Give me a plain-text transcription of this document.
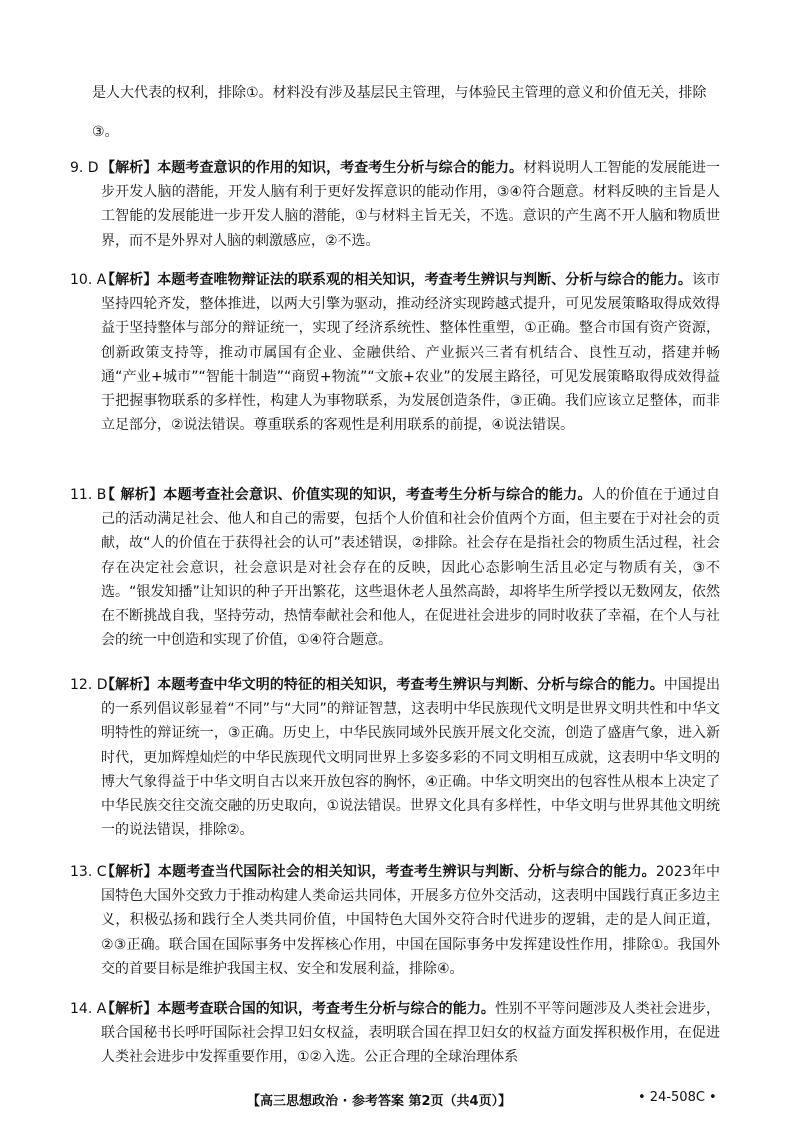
是人大代表的权利，排除①。材料没有涉及基层民主管理，与体验民主管理的意义和价值无关，排除③。

9. D 【解析】本题考查意识的作用的知识，考查考生分析与综合的能力。材料说明人工智能的发展能进一步开发人脑的潜能，开发人脑有利于更好发挥意识的能动作用，③④符合题意。材料反映的主旨是人工智能的发展能进一步开发人脑的潜能，①与材料主旨无关，不选。意识的产生离不开人脑和物质世界，而不是外界对人脑的刺激感应，②不选。
10. A
【解析】本题考查唯物辩证法的联系观的相关知识，考查考生辨识与判断、分析与综合的能力。该市坚持四轮齐发，整体推进，以两大引擎为驱动，推动经济实现跨越式提升，可见发展策略取得成效得益于坚持整体与部分的辩证统一，实现了经济系统性、整体性重塑，①正确。整合市国有资产资源，创新政策支持等，推动市属国有企业、金融供给、产业振兴三者有机结合、良性互动，搭建并畅通“产业+城市”“智能十制造”“商贸+物流”“文旅+农业”的发展主路径，可见发展策略取得成效得益于把握事物联系的多样性，构建人为事物联系，为发展创造条件，③正确。我们应该立足整体，而非立足部分，②说法错误。尊重联系的客观性是利用联系的前提，④说法错误。
11. B
【 解析】本题考查社会意识、价值实现的知识，考查考生分析与综合的能力。人的价值在于通过自己的活动满足社会、他人和自己的需要，包括个人价值和社会价值两个方面，但主要在于对社会的贡献，故“人的价值在于获得社会的认可”表述错误，②排除。社会存在是指社会的物质生活过程，社会存在决定社会意识，社会意识是对社会存在的反映，因此心态影响生活且必定与物质有关，③不选。“银发知播”让知识的种子开出繁花，这些退休老人虽然高龄，却将毕生所学授以无数网友，依然在不断挑战自我，坚持劳动，热情奉献社会和他人，在促进社会进步的同时收获了幸福，在个人与社会的统一中创造和实现了价值，①④符合题意。
12. D
【解析】本题考查中华文明的特征的相关知识，考查考生辨识与判断、分析与综合的能力。中国提出的一系列倡议彰显着“不同”与“大同”的辩证智慧，这表明中华民族现代文明是世界文明共性和中华文明特性的辩证统一，③正确。历史上，中华民族同域外民族开展文化交流，创造了盛唐气象，进入新时代，更加辉煌灿烂的中华民族现代文明同世界上多姿多彩的不同文明相互成就，这表明中华文明的博大气象得益于中华文明自古以来开放包容的胸怀，④正确。中华文明突出的包容性从根本上决定了中华民族交往交流交融的历史取向，①说法错误。世界文化具有多样性，中华文明与世界其他文明统一的说法错误，排除②。
13. C
【解析】本题考查当代国际社会的相关知识，考查考生辨识与判断、分析与综合的能力。2023年中国特色大国外交致力于推动构建人类命运共同体，开展多方位外交活动，这表明中国践行真正多边主义，积极弘扬和践行全人类共同价值，中国特色大国外交符合时代进步的逻辑，走的是人间正道，②③正确。联合国在国际事务中发挥核心作用，中国在国际事务中发挥建设性作用，排除①。我国外交的首要目标是维护我国主权、安全和发展利益，排除④。
14. A
【解析】本题考查联合国的知识，考查考生分析与综合的能力。性别不平等问题涉及人类社会进步，联合国秘书长呼吁国际社会捍卫妇女权益，表明联合国在捍卫妇女的权益方面发挥积极作用，在促进人类社会进步中发挥重要作用，①②入选。公正合理的全球治理体系
【高三思想政治 · 参考答案 第2页（共4页）】	• 24-508C •
